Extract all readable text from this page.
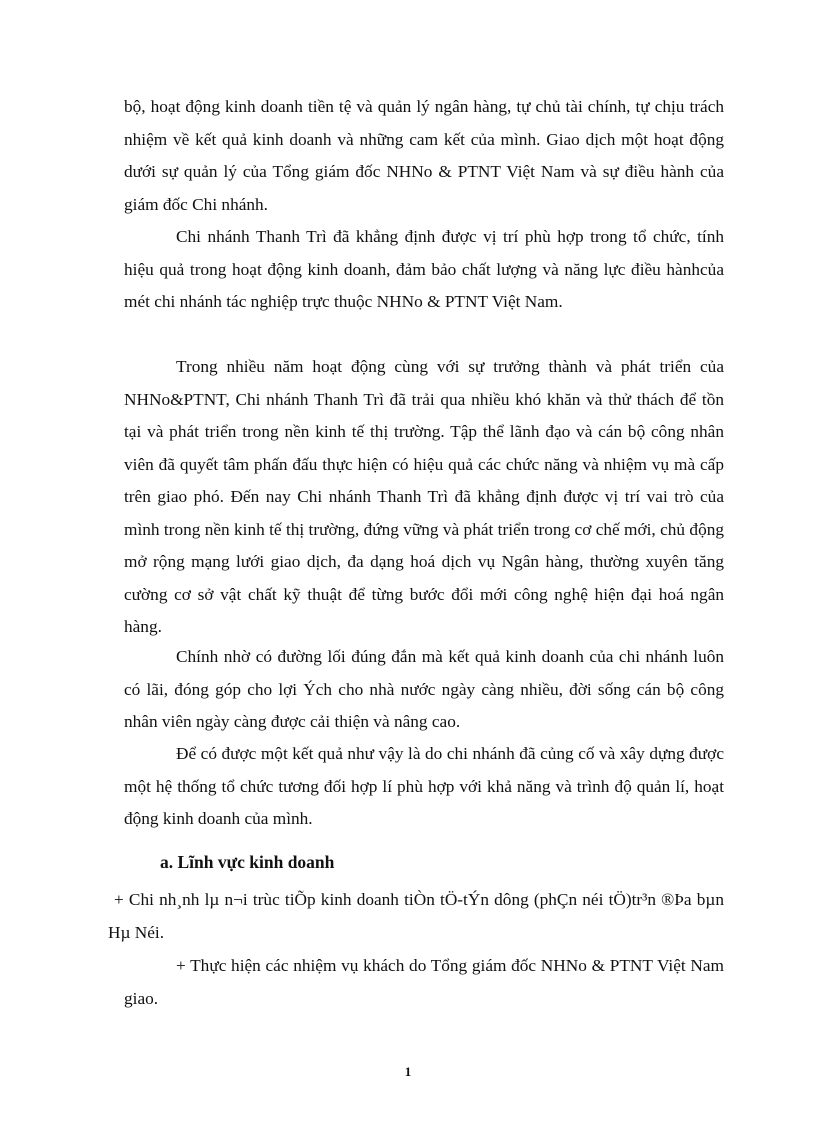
bộ, hoạt động kinh doanh tiền tệ và quản lý ngân hàng, tự chủ tài chính, tự chịu trách nhiệm về kết quả kinh doanh và những cam kết của mình. Giao dịch một hoạt động dưới sự quản lý của Tổng giám đốc NHNo & PTNT Việt Nam và sự điều hành của giám đốc Chi nhánh.

Chi nhánh Thanh Trì đã khẳng định được vị trí phù hợp trong tổ chức, tính hiệu quả trong hoạt động kinh doanh, đảm bảo chất lượng và năng lực điều hànhcủa mét chi nhánh tác nghiệp trực thuộc NHNo & PTNT Việt Nam.

Trong nhiều năm hoạt động cùng với sự trưởng thành và phát triển của NHNo&PTNT, Chi nhánh Thanh Trì đã trải qua nhiều khó khăn và thử thách để tồn tại và phát triển trong nền kinh tế thị trường. Tập thể lãnh đạo và cán bộ công nhân viên đã quyết tâm phấn đấu thực hiện có hiệu quả các chức năng và nhiệm vụ mà cấp trên giao phó. Đến nay Chi nhánh Thanh Trì đã khẳng định được vị trí vai trò của mình trong nền kinh tế thị trường, đứng vững và phát triển trong cơ chế mới, chủ động mở rộng mạng lưới giao dịch, đa dạng hoá dịch vụ Ngân hàng, thường xuyên tăng cường cơ sở vật chất kỹ thuật để từng bước đổi mới công nghệ hiện đại hoá ngân hàng.

Chính nhờ có đường lối đúng đắn mà kết quả kinh doanh của chi nhánh luôn có lãi, đóng góp cho lợi Ých cho nhà nước ngày càng nhiều, đời sống cán bộ công nhân viên ngày càng được cải thiện và nâng cao.

Để có được một kết quả như vậy là do chi nhánh đã củng cố và xây dựng được một hệ thống tổ chức tương đối hợp lí phù hợp với khả năng và trình độ quản lí, hoạt động kinh doanh của mình.

a. Lĩnh vực kinh doanh

+ Chi nh¸nh lµ n¬i trùc tiÕp kinh doanh tiÒn tÖ-tÝn dông (phÇn néi tÖ)tr³n ®Þa bµn Hµ Néi.

+ Thực hiện các nhiệm vụ khách do Tổng giám đốc NHNo & PTNT Việt Nam giao.

1
